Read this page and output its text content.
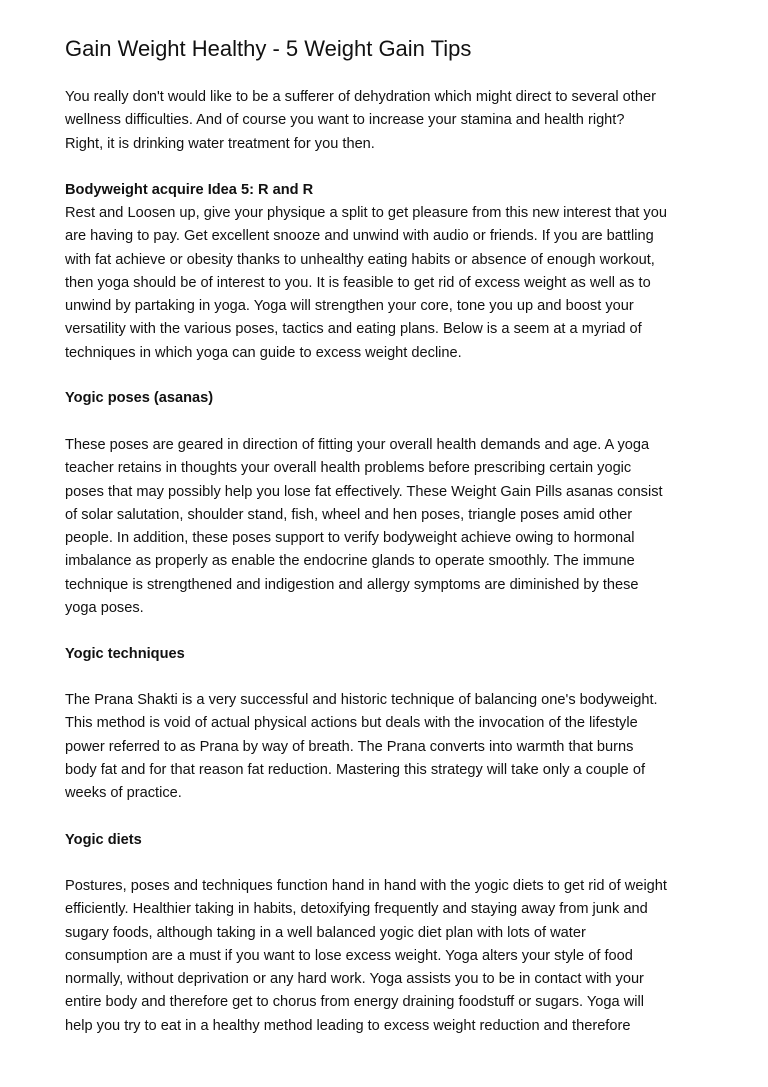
Gain Weight Healthy - 5 Weight Gain Tips
You really don't would like to be a sufferer of dehydration which might direct to several other
wellness difficulties. And of course you want to increase your stamina and health right?
Right, it is drinking water treatment for you then.
Bodyweight acquire Idea 5: R and R
Rest and Loosen up, give your physique a split to get pleasure from this new interest that you
are having to pay. Get excellent snooze and unwind with audio or friends. If you are battling
with fat achieve or obesity thanks to unhealthy eating habits or absence of enough workout,
then yoga should be of interest to you. It is feasible to get rid of excess weight as well as to
unwind by partaking in yoga. Yoga will strengthen your core, tone you up and boost your
versatility with the various poses, tactics and eating plans. Below is a seem at a myriad of
techniques in which yoga can guide to excess weight decline.
Yogic poses (asanas)
These poses are geared in direction of fitting your overall health demands and age. A yoga
teacher retains in thoughts your overall health problems before prescribing certain yogic
poses that may possibly help you lose fat effectively. These Weight Gain Pills asanas consist
of solar salutation, shoulder stand, fish, wheel and hen poses, triangle poses amid other
people. In addition, these poses support to verify bodyweight achieve owing to hormonal
imbalance as properly as enable the endocrine glands to operate smoothly. The immune
technique is strengthened and indigestion and allergy symptoms are diminished by these
yoga poses.
Yogic techniques
The Prana Shakti is a very successful and historic technique of balancing one's bodyweight.
This method is void of actual physical actions but deals with the invocation of the lifestyle
power referred to as Prana by way of breath. The Prana converts into warmth that burns
body fat and for that reason fat reduction. Mastering this strategy will take only a couple of
weeks of practice.
Yogic diets
Postures, poses and techniques function hand in hand with the yogic diets to get rid of weight
efficiently. Healthier taking in habits, detoxifying frequently and staying away from junk and
sugary foods, although taking in a well balanced yogic diet plan with lots of water
consumption are a must if you want to lose excess weight. Yoga alters your style of food
normally, without deprivation or any hard work. Yoga assists you to be in contact with your
entire body and therefore get to chorus from energy draining foodstuff or sugars. Yoga will
help you try to eat in a healthy method leading to excess weight reduction and therefore
